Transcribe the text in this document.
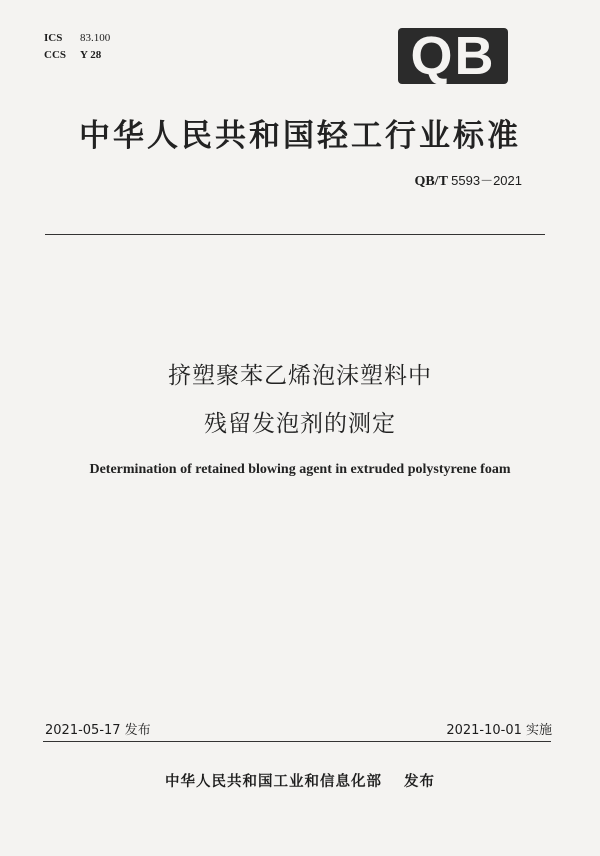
ICS 83.100
CCS Y 28	QB
中华人民共和国轻工行业标准
QB/T 5593－2021
挤塑聚苯乙烯泡沫塑料中
残留发泡剂的测定
Determination of retained blowing agent in extruded polystyrene foam
2021-05-17 发布	2021-10-01 实施
中华人民共和国工业和信息化部 发布
